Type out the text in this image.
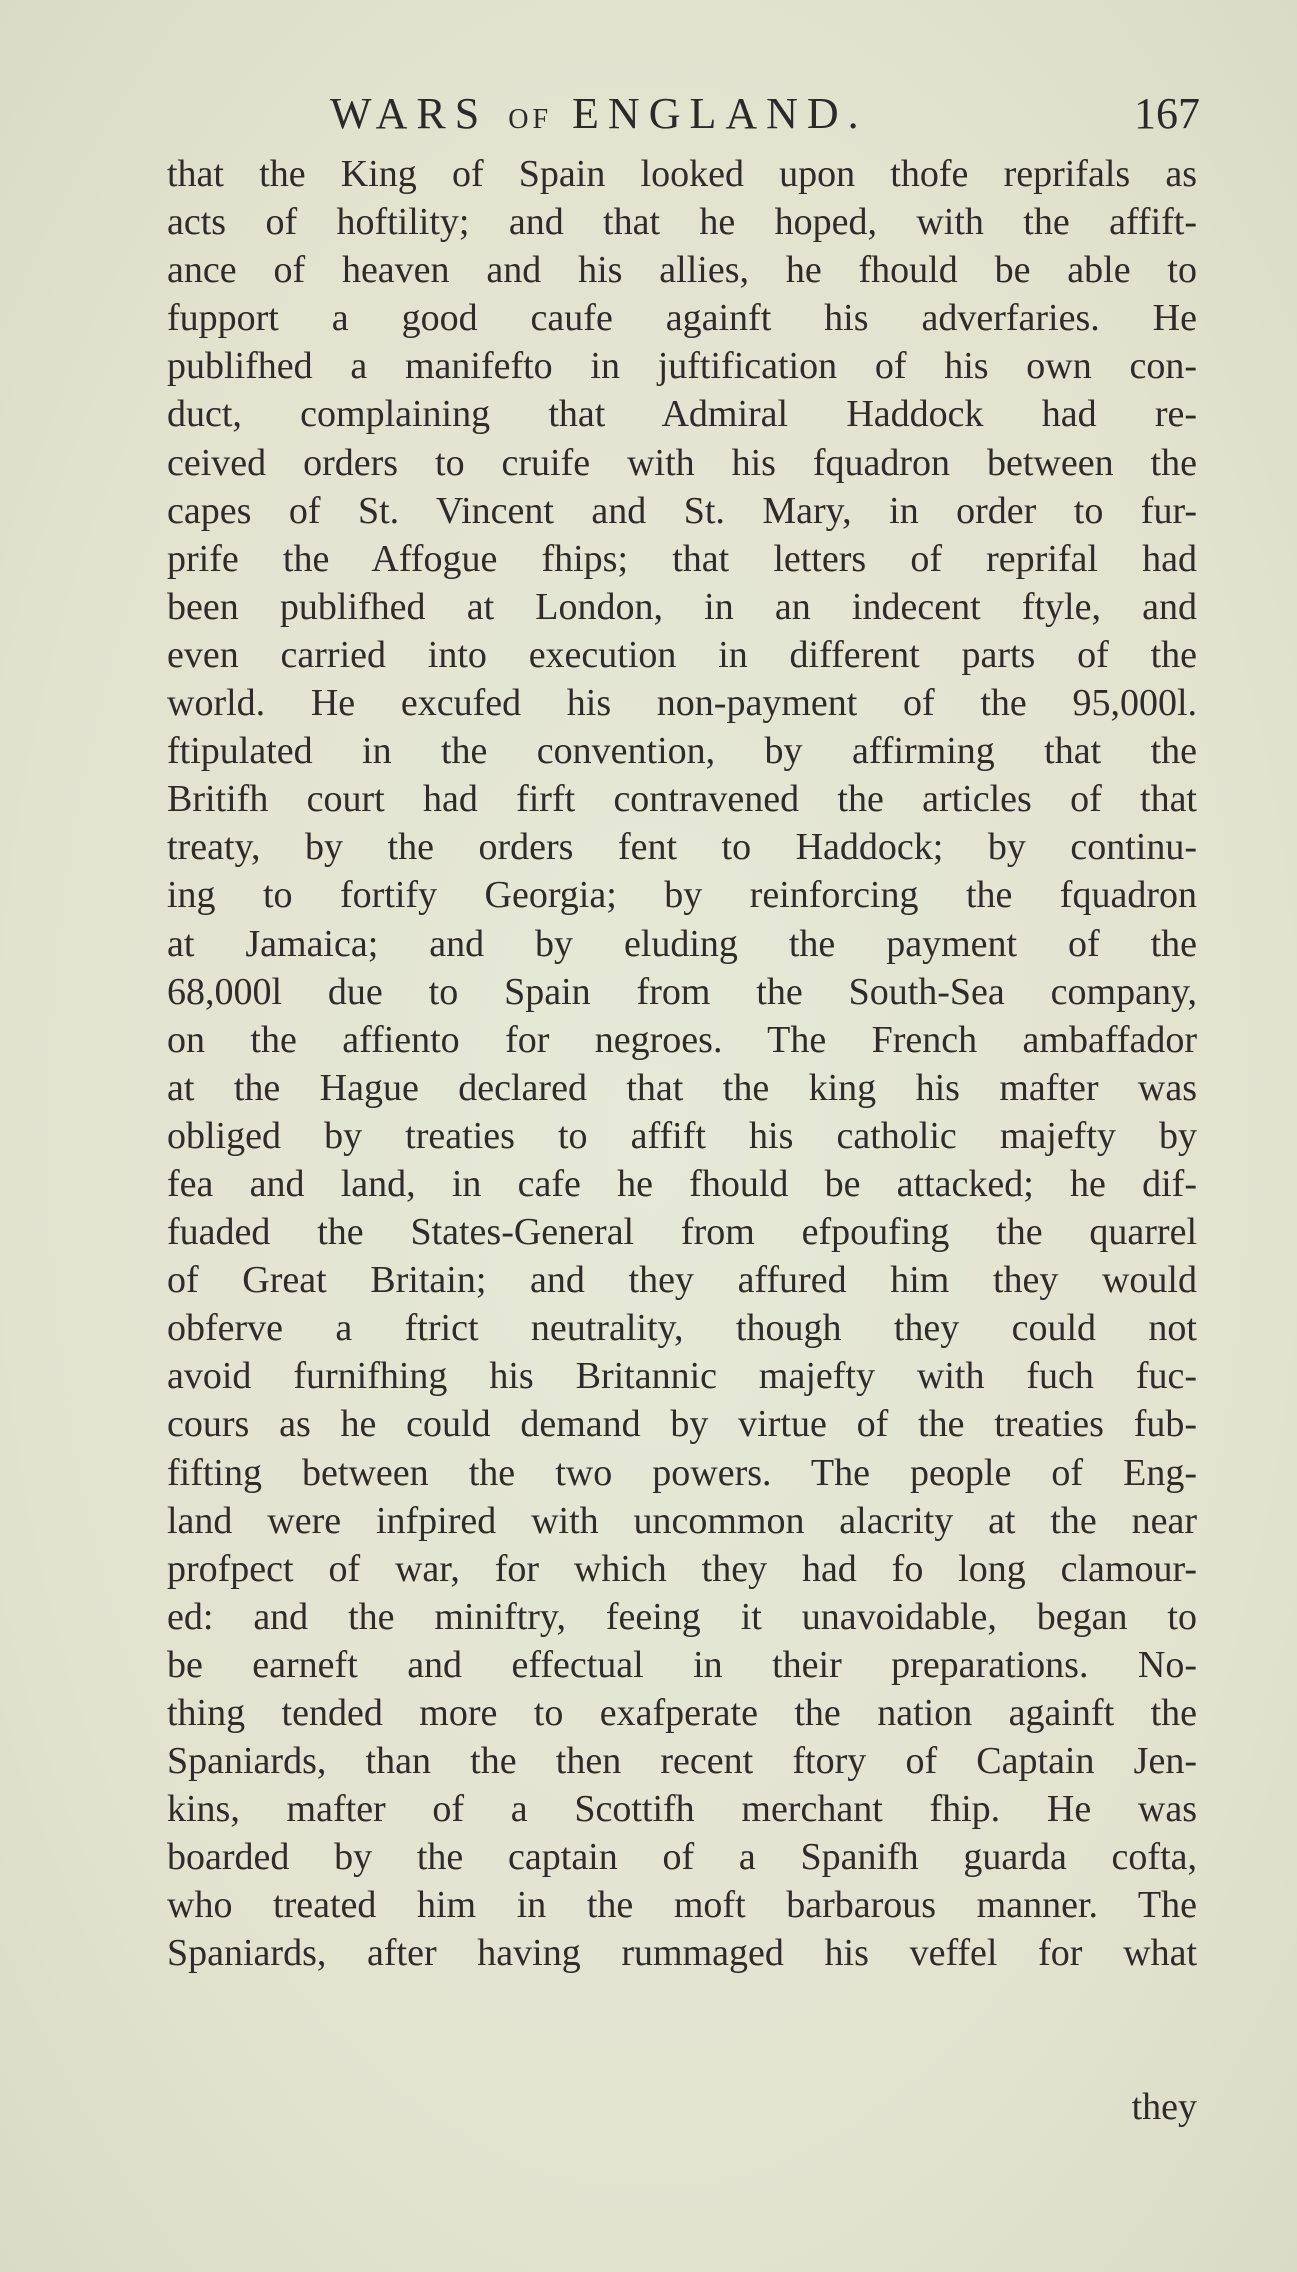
WARS OF ENGLAND.	167
that the King of Spain looked upon thofe reprifals as
acts of hoftility; and that he hoped, with the affift-
ance of heaven and his allies, he fhould be able to
fupport a good caufe againft his adverfaries. He
publifhed a manifefto in juftification of his own con-
duct, complaining that Admiral Haddock had re-
ceived orders to cruife with his fquadron between the
capes of St. Vincent and St. Mary, in order to fur-
prife the Affogue fhips; that letters of reprifal had
been publifhed at London, in an indecent ftyle, and
even carried into execution in different parts of the
world. He excufed his non-payment of the 95,000l.
ftipulated in the convention, by affirming that the
Britifh court had firft contravened the articles of that
treaty, by the orders fent to Haddock; by continu-
ing to fortify Georgia; by reinforcing the fquadron
at Jamaica; and by eluding the payment of the
68,000l due to Spain from the South-Sea company,
on the affiento for negroes. The French ambaffador
at the Hague declared that the king his mafter was
obliged by treaties to affift his catholic majefty by
fea and land, in cafe he fhould be attacked; he dif-
fuaded the States-General from efpoufing the quarrel
of Great Britain; and they affured him they would
obferve a ftrict neutrality, though they could not
avoid furnifhing his Britannic majefty with fuch fuc-
cours as he could demand by virtue of the treaties fub-
fifting between the two powers. The people of Eng-
land were infpired with uncommon alacrity at the near
profpect of war, for which they had fo long clamour-
ed: and the miniftry, feeing it unavoidable, began to
be earneft and effectual in their preparations. No-
thing tended more to exafperate the nation againft the
Spaniards, than the then recent ftory of Captain Jen-
kins, mafter of a Scottifh merchant fhip. He was
boarded by the captain of a Spanifh guarda cofta,
who treated him in the moft barbarous manner. The
Spaniards, after having rummaged his veffel for what
they
